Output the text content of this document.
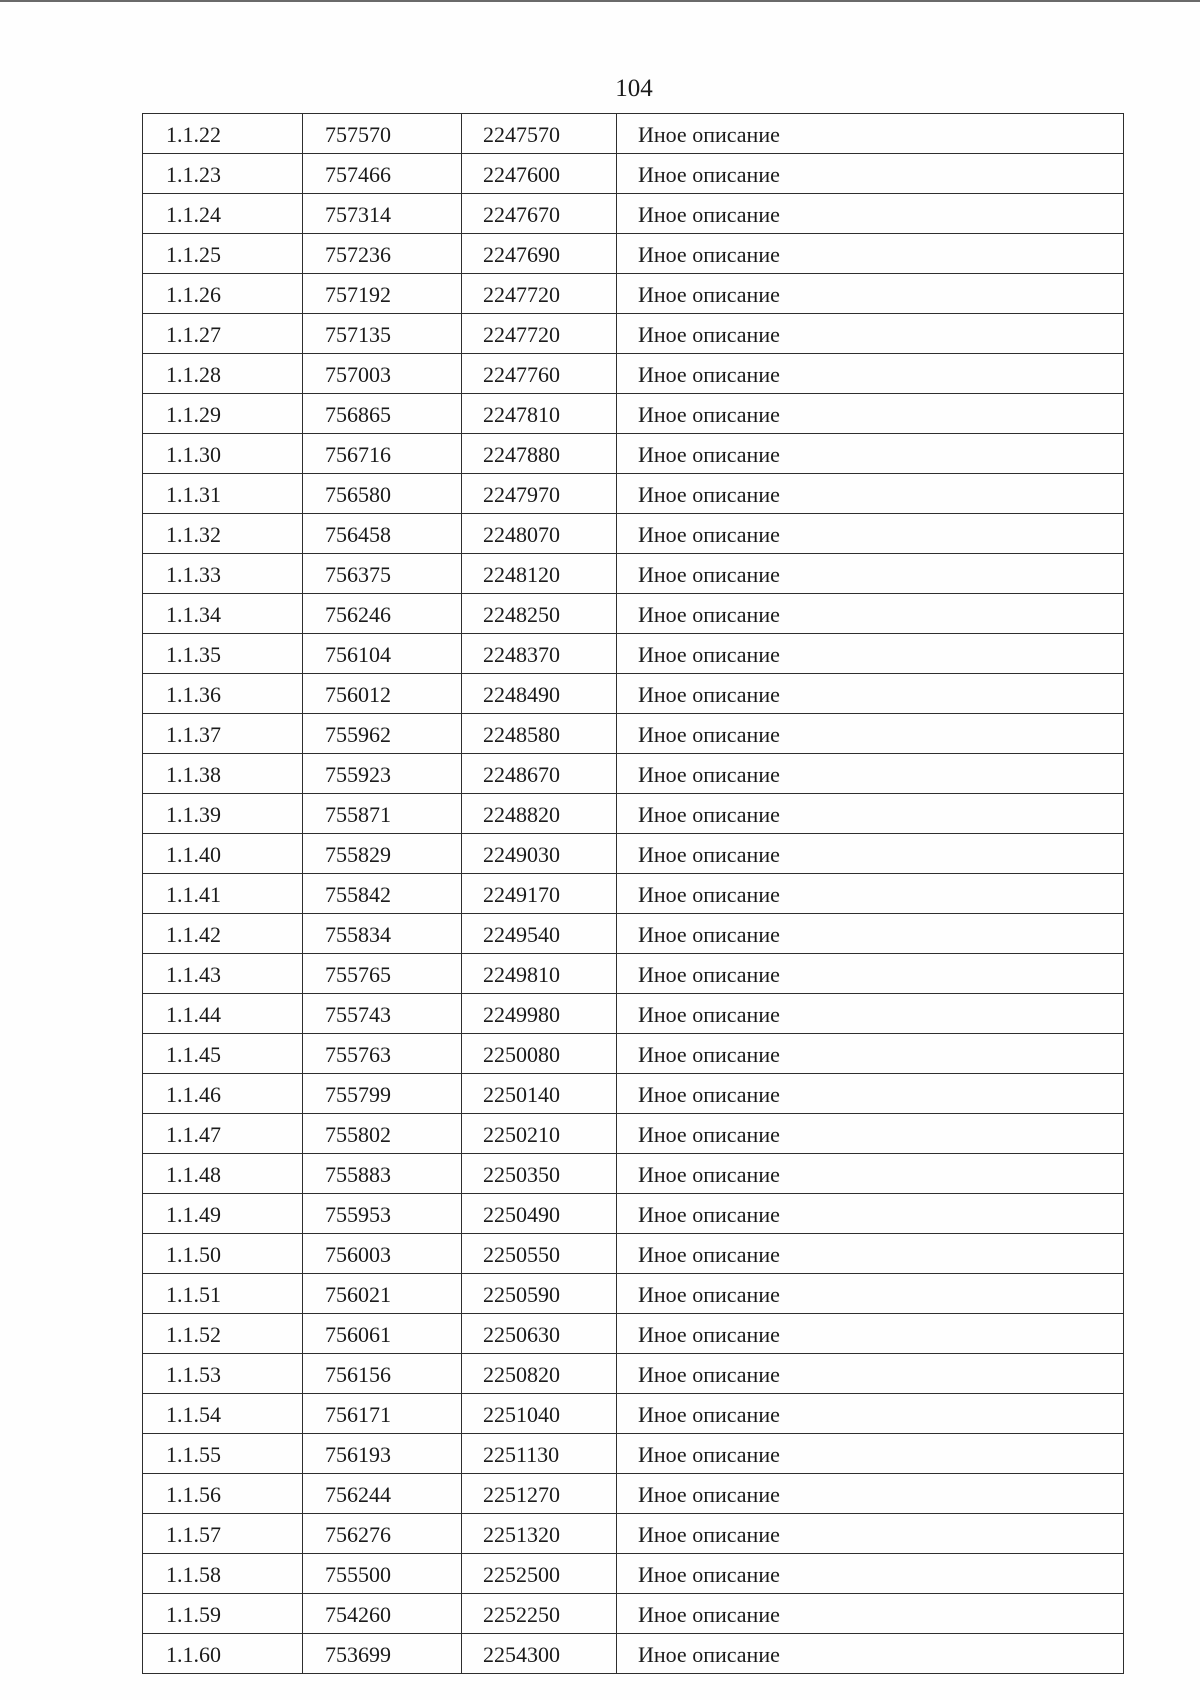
104
1.1.22	757570	2247570	Иное описание
1.1.23	757466	2247600	Иное описание
1.1.24	757314	2247670	Иное описание
1.1.25	757236	2247690	Иное описание
1.1.26	757192	2247720	Иное описание
1.1.27	757135	2247720	Иное описание
1.1.28	757003	2247760	Иное описание
1.1.29	756865	2247810	Иное описание
1.1.30	756716	2247880	Иное описание
1.1.31	756580	2247970	Иное описание
1.1.32	756458	2248070	Иное описание
1.1.33	756375	2248120	Иное описание
1.1.34	756246	2248250	Иное описание
1.1.35	756104	2248370	Иное описание
1.1.36	756012	2248490	Иное описание
1.1.37	755962	2248580	Иное описание
1.1.38	755923	2248670	Иное описание
1.1.39	755871	2248820	Иное описание
1.1.40	755829	2249030	Иное описание
1.1.41	755842	2249170	Иное описание
1.1.42	755834	2249540	Иное описание
1.1.43	755765	2249810	Иное описание
1.1.44	755743	2249980	Иное описание
1.1.45	755763	2250080	Иное описание
1.1.46	755799	2250140	Иное описание
1.1.47	755802	2250210	Иное описание
1.1.48	755883	2250350	Иное описание
1.1.49	755953	2250490	Иное описание
1.1.50	756003	2250550	Иное описание
1.1.51	756021	2250590	Иное описание
1.1.52	756061	2250630	Иное описание
1.1.53	756156	2250820	Иное описание
1.1.54	756171	2251040	Иное описание
1.1.55	756193	2251130	Иное описание
1.1.56	756244	2251270	Иное описание
1.1.57	756276	2251320	Иное описание
1.1.58	755500	2252500	Иное описание
1.1.59	754260	2252250	Иное описание
1.1.60	753699	2254300	Иное описание
